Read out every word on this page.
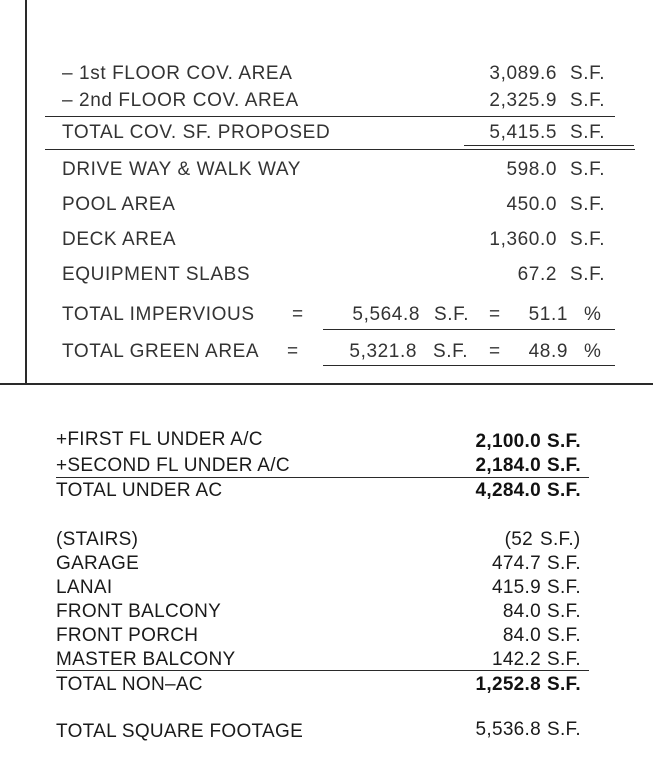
– 1st FLOOR COV. AREA	3,089.6 S.F.
– 2nd FLOOR COV. AREA	2,325.9 S.F.
TOTAL COV. SF. PROPOSED	5,415.5 S.F.
DRIVE WAY & WALK WAY	598.0 S.F.
POOL AREA	450.0 S.F.
DECK AREA	1,360.0 S.F.
EQUIPMENT SLABS	67.2 S.F.
TOTAL IMPERVIOUS =	5,564.8 S.F. = 51.1 %
TOTAL GREEN AREA =	5,321.8 S.F. = 48.9 %
+FIRST FL UNDER A/C	2,100.0 S.F.
+SECOND FL UNDER A/C	2,184.0 S.F.
TOTAL UNDER AC	4,284.0 S.F.
(STAIRS)	(52 S.F.)
GARAGE	474.7 S.F.
LANAI	415.9 S.F.
FRONT BALCONY	84.0 S.F.
FRONT PORCH	84.0 S.F.
MASTER BALCONY	142.2 S.F.
TOTAL NON–AC	1,252.8 S.F.
TOTAL SQUARE FOOTAGE	5,536.8 S.F.
